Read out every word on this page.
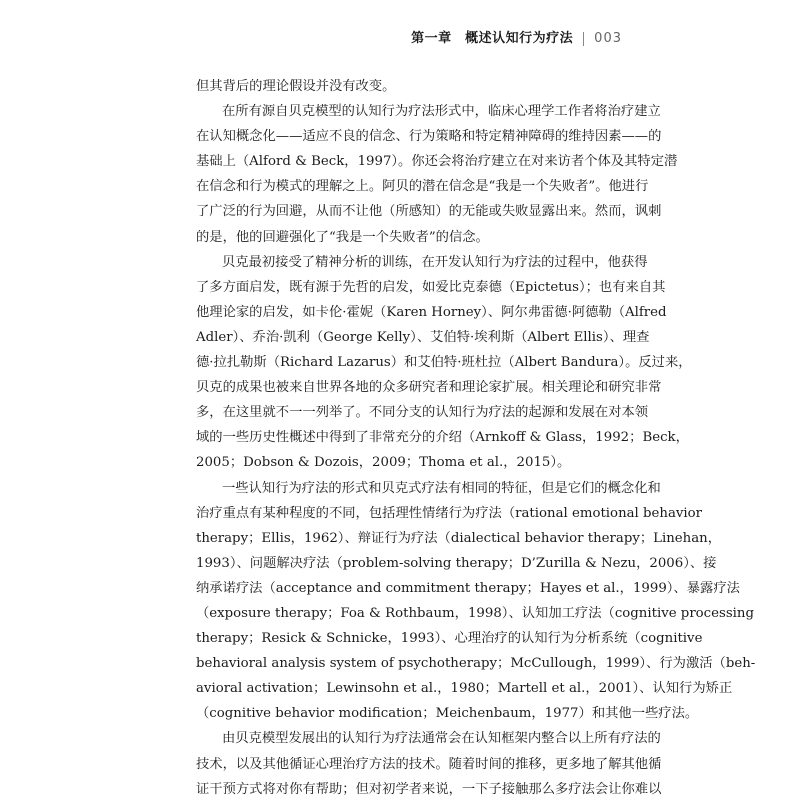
第一章　概述认知行为疗法 003

但其背后的理论假设并没有改变。

在所有源自贝克模型的认知行为疗法形式中，临床心理学工作者将治疗建立
在认知概念化——适应不良的信念、行为策略和特定精神障碍的维持因素——的
基础上（Alford & Beck，1997）。你还会将治疗建立在对来访者个体及其特定潜
在信念和行为模式的理解之上。阿贝的潜在信念是“我是一个失败者”。他进行
了广泛的行为回避，从而不让他（所感知）的无能或失败显露出来。然而，讽刺
的是，他的回避强化了“我是一个失败者”的信念。

贝克最初接受了精神分析的训练，在开发认知行为疗法的过程中，他获得
了多方面启发，既有源于先哲的启发，如爱比克泰德（Epictetus）；也有来自其
他理论家的启发，如卡伦·霍妮（Karen Horney）、阿尔弗雷德·阿德勒（Alfred
Adler）、乔治·凯利（George Kelly）、艾伯特·埃利斯（Albert Ellis）、理查
德·拉扎勒斯（Richard Lazarus）和艾伯特·班杜拉（Albert Bandura）。反过来，
贝克的成果也被来自世界各地的众多研究者和理论家扩展。相关理论和研究非常
多，在这里就不一一列举了。不同分支的认知行为疗法的起源和发展在对本领
域的一些历史性概述中得到了非常充分的介绍（Arnkoff & Glass，1992；Beck，
2005；Dobson & Dozois，2009；Thoma et al.，2015）。

一些认知行为疗法的形式和贝克式疗法有相同的特征，但是它们的概念化和
治疗重点有某种程度的不同，包括理性情绪行为疗法（rational emotional behavior
therapy；Ellis，1962）、辩证行为疗法（dialectical behavior therapy；Linehan，
1993）、问题解决疗法（problem-solving therapy；D’Zurilla & Nezu，2006）、接
纳承诺疗法（acceptance and commitment therapy；Hayes et al.，1999）、暴露疗法
（exposure therapy；Foa & Rothbaum，1998）、认知加工疗法（cognitive processing
therapy；Resick & Schnicke，1993）、心理治疗的认知行为分析系统（cognitive
behavioral analysis system of psychotherapy；McCullough，1999）、行为激活（beh-
avioral activation；Lewinsohn et al.，1980；Martell et al.，2001）、认知行为矫正
（cognitive behavior modification；Meichenbaum，1977）和其他一些疗法。

由贝克模型发展出的认知行为疗法通常会在认知框架内整合以上所有疗法的
技术，以及其他循证心理治疗方法的技术。随着时间的推移，更多地了解其他循
证干预方式将对你有帮助；但对初学者来说，一下子接触那么多疗法会让你难以
